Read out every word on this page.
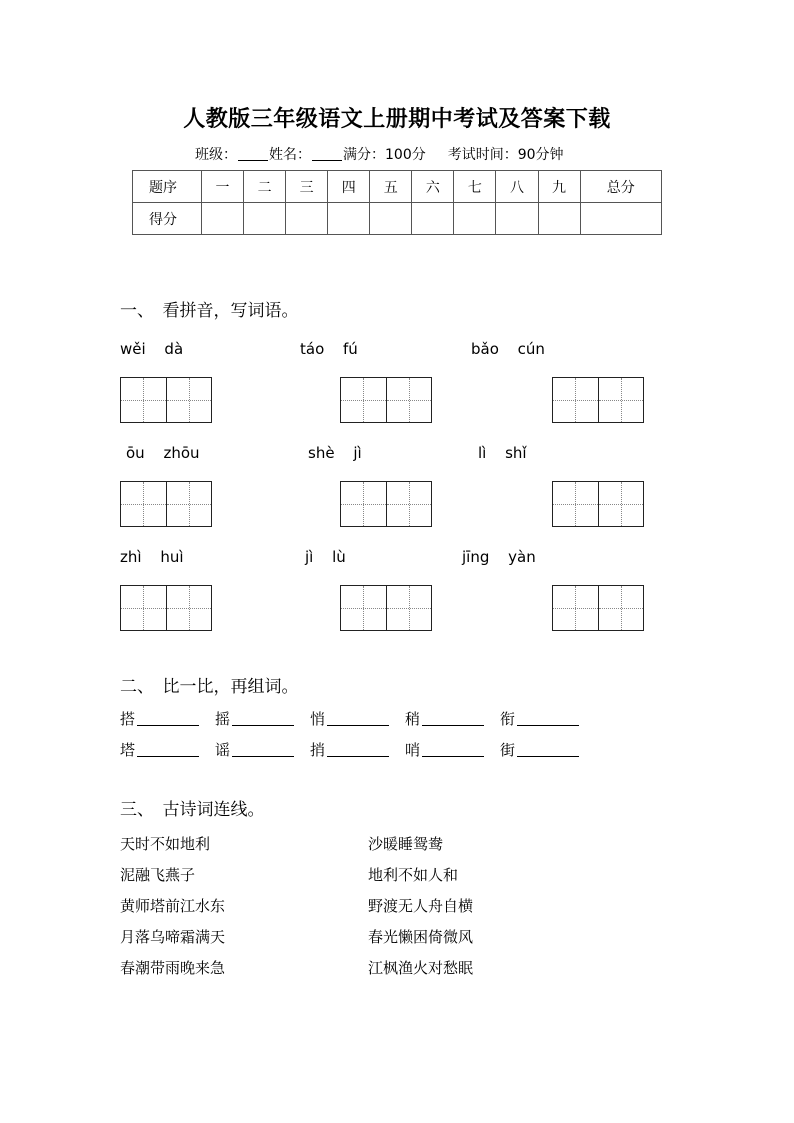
人教版三年级语文上册期中考试及答案下载
班级： 姓名： 满分：100分 考试时间：90分钟
题序	一	二	三	四	五	六	七	八	九	总分
得分										
一、　看拼音，写词语。
wěi dà	táo fú	bǎo cún
ōu zhōu	shè jì	lì shǐ
zhì huì	jì lù	jīng yàn
二、　比一比，再组词。
搭	摇	悄	稍	衔
塔	谣	捎	哨	街
三、　古诗词连线。
天时不如地利
泥融飞燕子
黄师塔前江水东
月落乌啼霜满天
春潮带雨晚来急
沙暖睡鸳鸯
地利不如人和
野渡无人舟自横
春光懒困倚微风
江枫渔火对愁眠
